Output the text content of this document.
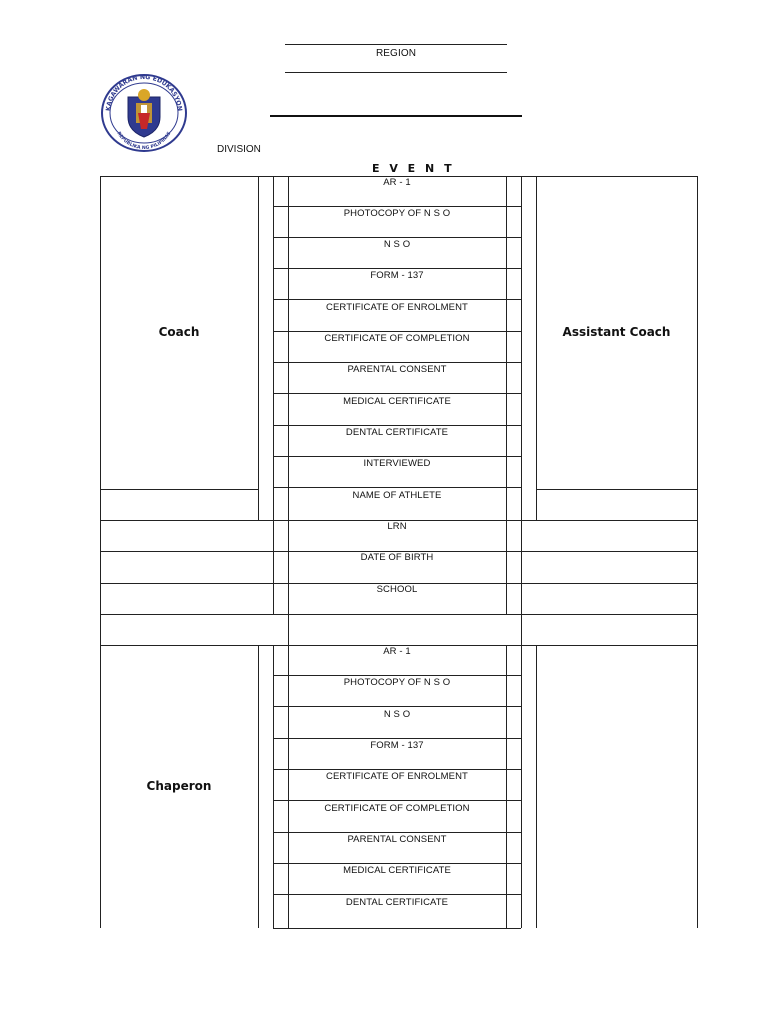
REGION
DIVISION
E V E N T
KAGAWARAN NG EDUKASYON
REPUBLIKA NG PILIPINAS
Coach	Assistant Coach
AR - 1
PHOTOCOPY OF N S O
N S O
FORM - 137
CERTIFICATE OF ENROLMENT
CERTIFICATE OF COMPLETION
PARENTAL CONSENT
MEDICAL CERTIFICATE
DENTAL CERTIFICATE
INTERVIEWED
NAME OF ATHLETE
LRN
DATE OF BIRTH
SCHOOL
Chaperon
AR - 1
PHOTOCOPY OF N S O
N S O
FORM - 137
CERTIFICATE OF ENROLMENT
CERTIFICATE OF COMPLETION
PARENTAL CONSENT
MEDICAL CERTIFICATE
DENTAL CERTIFICATE
